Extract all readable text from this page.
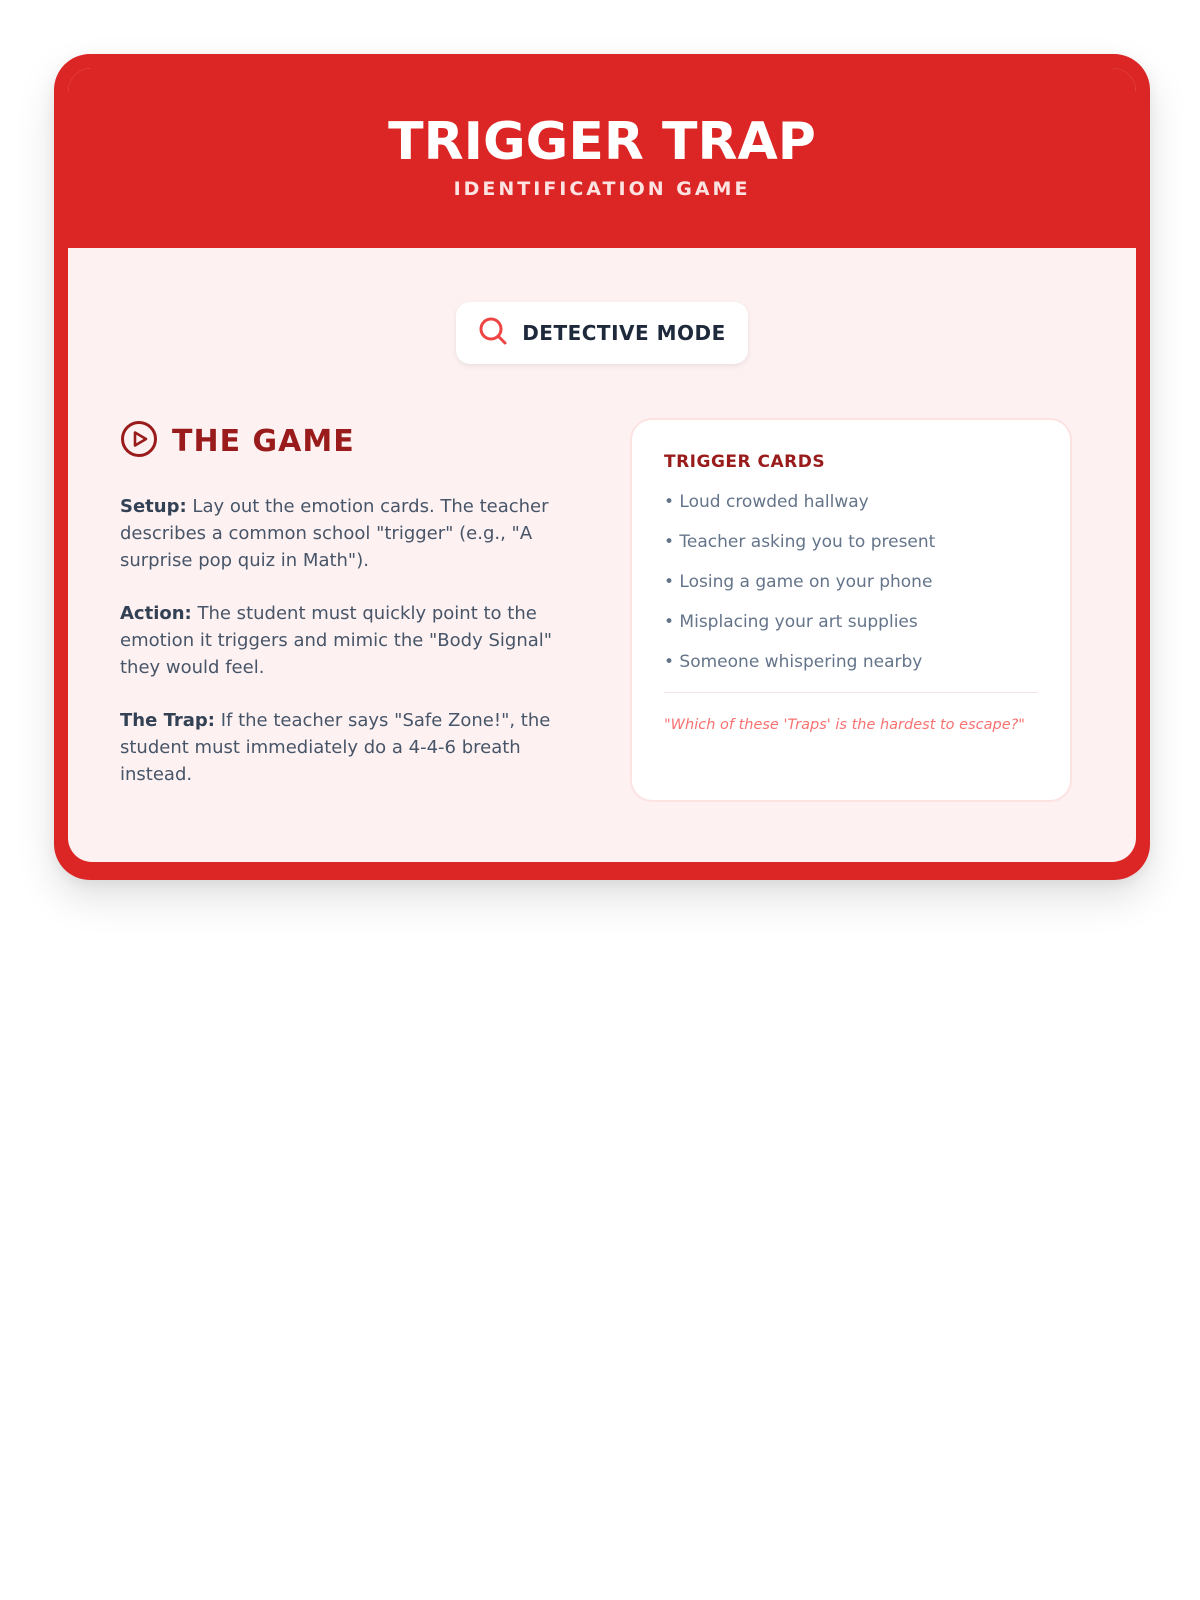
TRIGGER TRAP
IDENTIFICATION GAME
DETECTIVE MODE
THE GAME

Setup: Lay out the emotion cards. The teacher describes a common school "trigger" (e.g., "A surprise pop quiz in Math").

Action: The student must quickly point to the emotion it triggers and mimic the "Body Signal" they would feel.

The Trap: If the teacher says "Safe Zone!", the student must immediately do a 4-4-6 breath instead.

TRIGGER CARDS
• Loud crowded hallway
• Teacher asking you to present
• Losing a game on your phone
• Misplacing your art supplies
• Someone whispering nearby
"Which of these 'Traps' is the hardest to escape?"
